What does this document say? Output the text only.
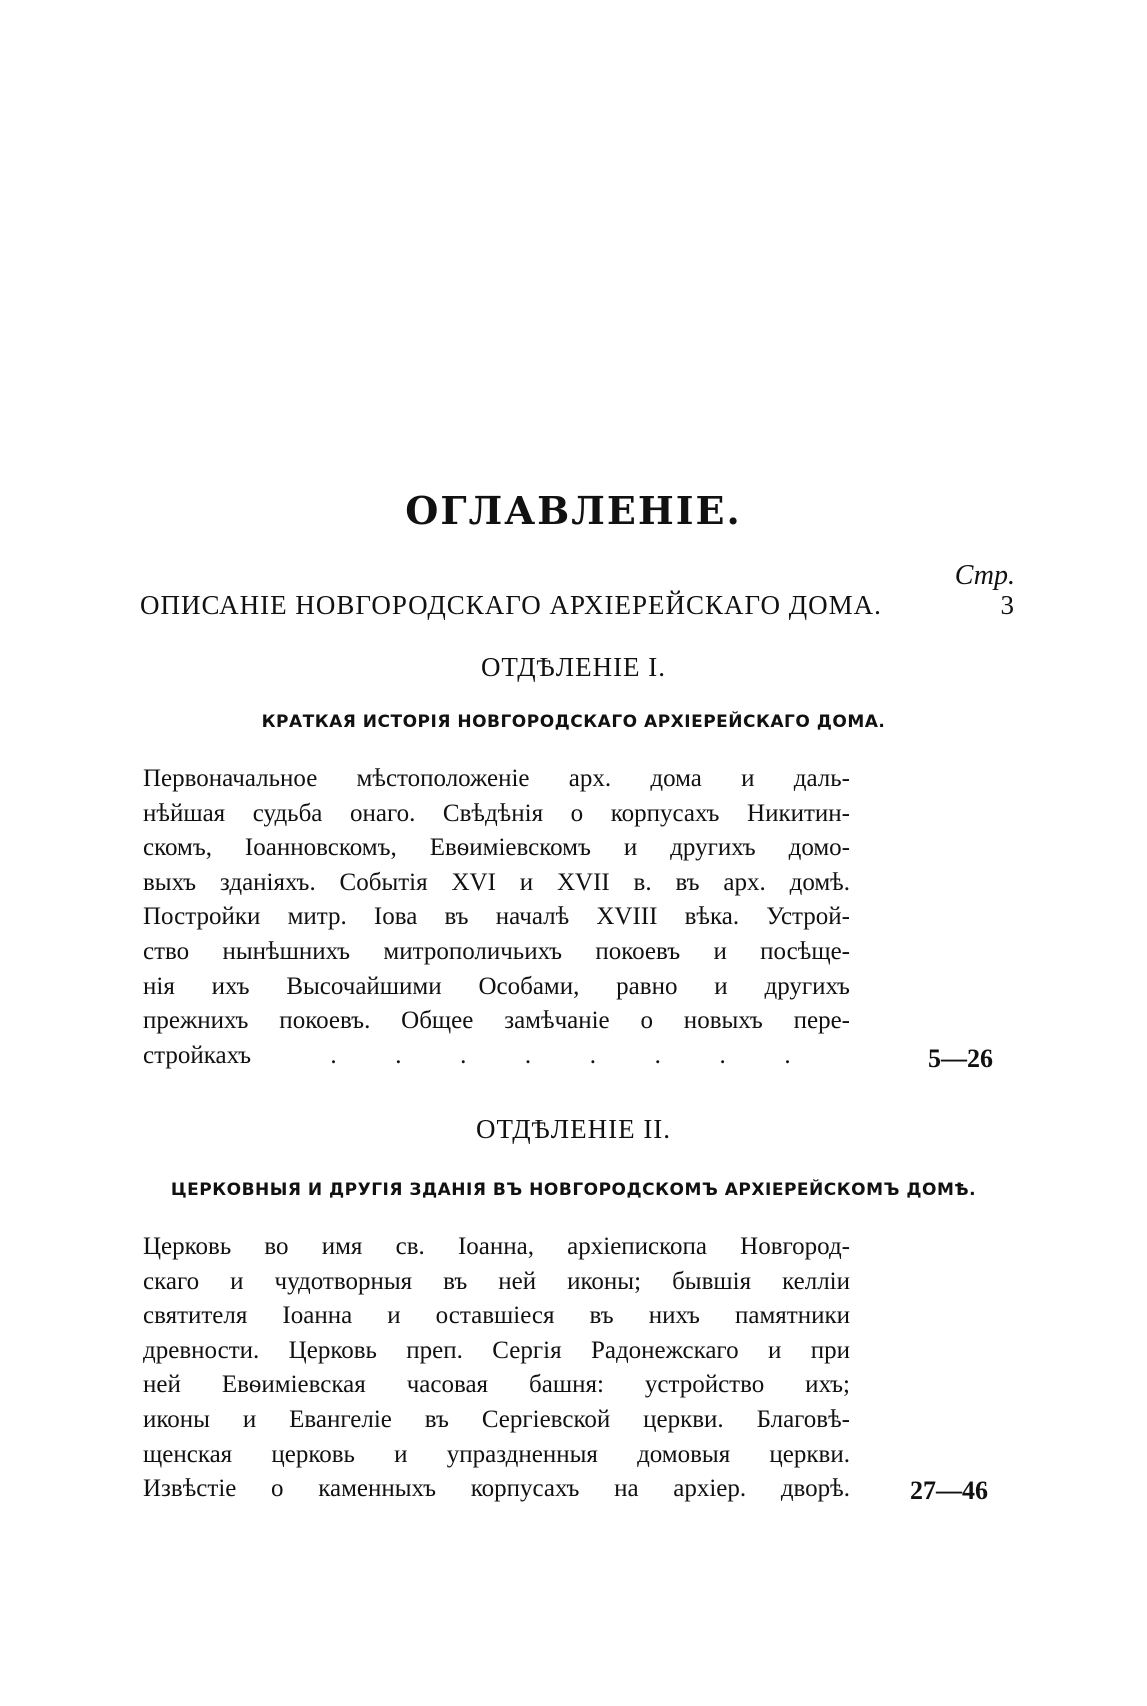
ОГЛАВЛЕНІЕ.
Стр.
ОПИСАНІЕ НОВГОРОДСКАГО АРХІЕРЕЙСКАГО ДОМА.	3
ОТДѢЛЕНІЕ I.
КРАТКАЯ ИСТОРІЯ НОВГОРОДСКАГО АРХІЕРЕЙСКАГО ДОМА.
Первоначальное мѣстоположеніе арх. дома и даль-
нѣйшая судьба онаго. Свѣдѣнія о корпусахъ Никитин-
скомъ, Іоанновскомъ, Евѳиміевскомъ и другихъ домо-
выхъ зданіяхъ. Событія XVI и XVII в. въ арх. домѣ.
Постройки митр. Іова въ началѣ XVIII вѣка. Устрой-
ство нынѣшнихъ митрополичьихъ покоевъ и посѣще-
нія ихъ Высочайшими Особами, равно и другихъ
прежнихъ покоевъ. Общее замѣчаніе о новыхъ пере-
стройкахъ	. . . . . . . .	5—26
ОТДѢЛЕНІЕ II.
ЦЕРКОВНЫЯ И ДРУГІЯ ЗДАНІЯ ВЪ НОВГОРОДСКОМЪ АРХІЕРЕЙСКОМЪ ДОМѢ.
Церковь во имя св. Іоанна, архіепископа Новгород-
скаго и чудотворныя въ ней иконы; бывшія келліи
святителя Іоанна и оставшіеся въ нихъ памятники
древности. Церковь преп. Сергія Радонежскаго и при
ней Евѳиміевская часовая башня: устройство ихъ;
иконы и Евангеліе въ Сергіевской церкви. Благовѣ-
щенская церковь и упраздненныя домовыя церкви.
Извѣстіе о каменныхъ корпусахъ на архіер. дворѣ. 27—46
